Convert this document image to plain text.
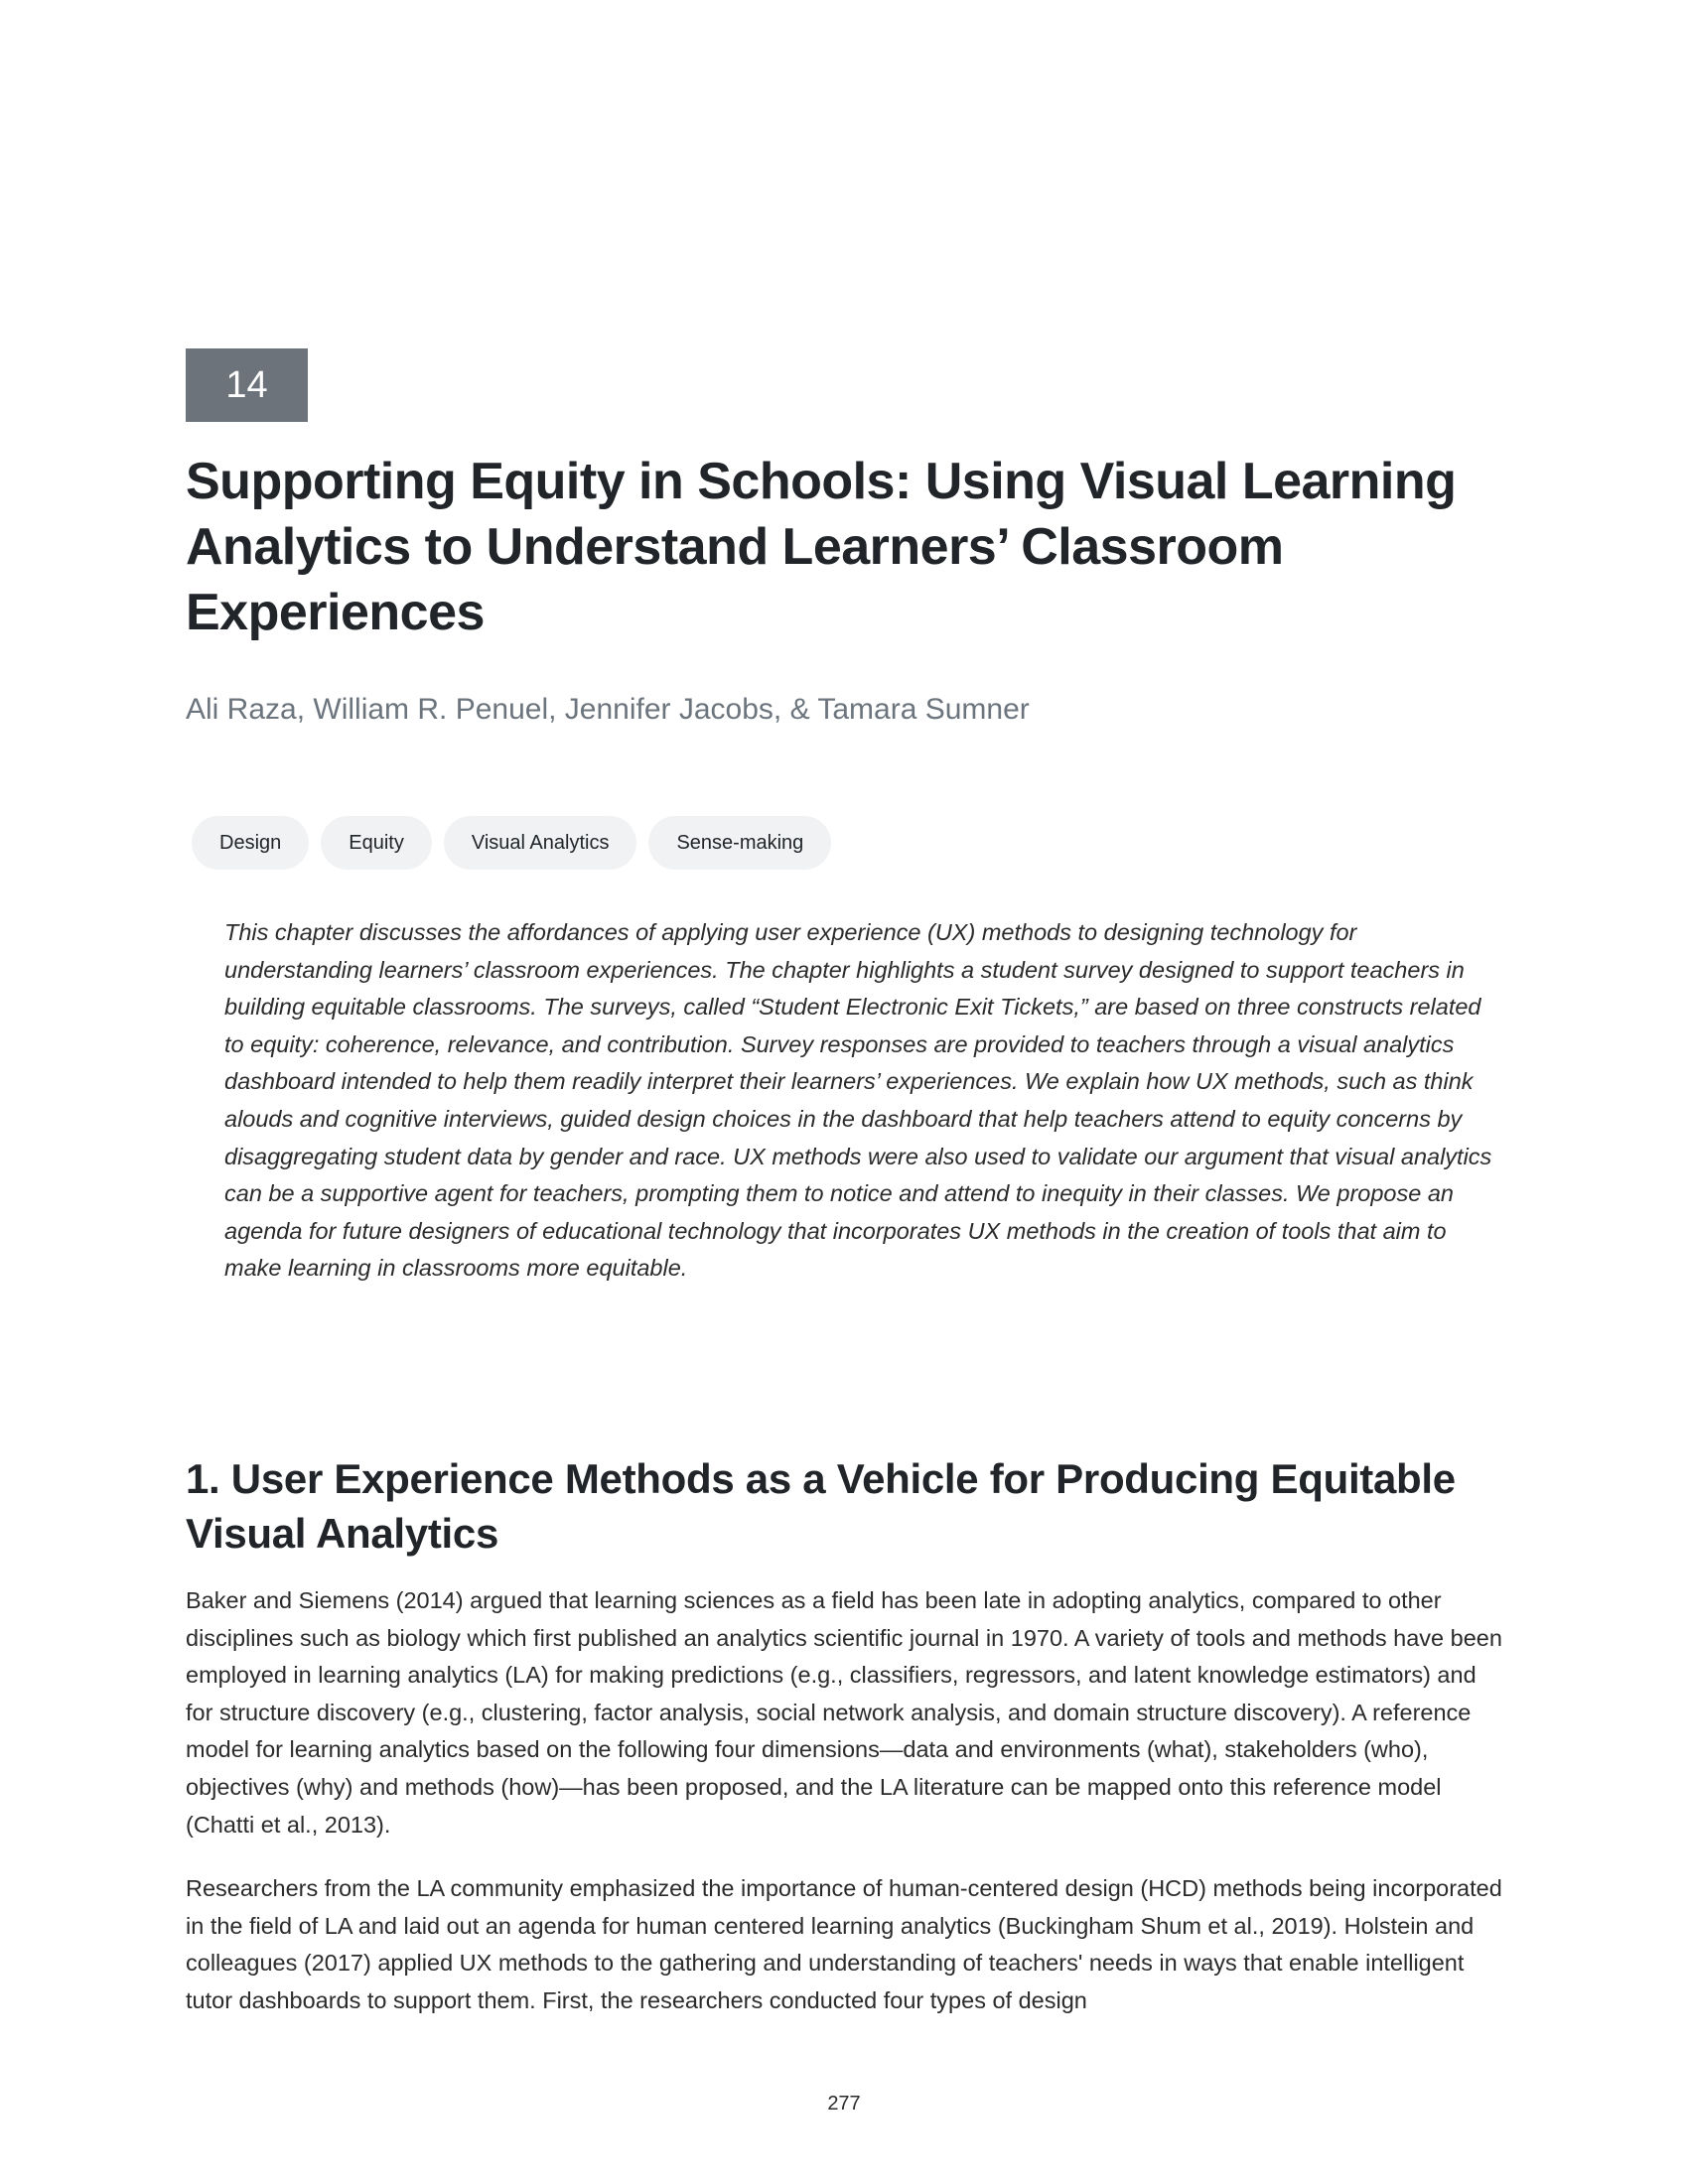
14
Supporting Equity in Schools: Using Visual Learning Analytics to Understand Learners’ Classroom Experiences

Ali Raza, William R. Penuel, Jennifer Jacobs, & Tamara Sumner

Design	Equity	Visual Analytics	Sense-making

This chapter discusses the affordances of applying user experience (UX) methods to designing technology for understanding learners’ classroom experiences. The chapter highlights a student survey designed to support teachers in building equitable classrooms. The surveys, called “Student Electronic Exit Tickets,” are based on three constructs related to equity: coherence, relevance, and contribution. Survey responses are provided to teachers through a visual analytics dashboard intended to help them readily interpret their learners’ experiences. We explain how UX methods, such as think alouds and cognitive interviews, guided design choices in the dashboard that help teachers attend to equity concerns by disaggregating student data by gender and race. UX methods were also used to validate our argument that visual analytics can be a supportive agent for teachers, prompting them to notice and attend to inequity in their classes. We propose an agenda for future designers of educational technology that incorporates UX methods in the creation of tools that aim to make learning in classrooms more equitable.

1. User Experience Methods as a Vehicle for Producing Equitable Visual Analytics

Baker and Siemens (2014) argued that learning sciences as a field has been late in adopting analytics, compared to other disciplines such as biology which first published an analytics scientific journal in 1970. A variety of tools and methods have been employed in learning analytics (LA) for making predictions (e.g., classifiers, regressors, and latent knowledge estimators) and for structure discovery (e.g., clustering, factor analysis, social network analysis, and domain structure discovery). A reference model for learning analytics based on the following four dimensions—data and environments (what), stakeholders (who), objectives (why) and methods (how)—has been proposed, and the LA literature can be mapped onto this reference model (Chatti et al., 2013).

Researchers from the LA community emphasized the importance of human-centered design (HCD) methods being incorporated in the field of LA and laid out an agenda for human centered learning analytics (Buckingham Shum et al., 2019). Holstein and colleagues (2017) applied UX methods to the gathering and understanding of teachers' needs in ways that enable intelligent tutor dashboards to support them. First, the researchers conducted four types of design

277
